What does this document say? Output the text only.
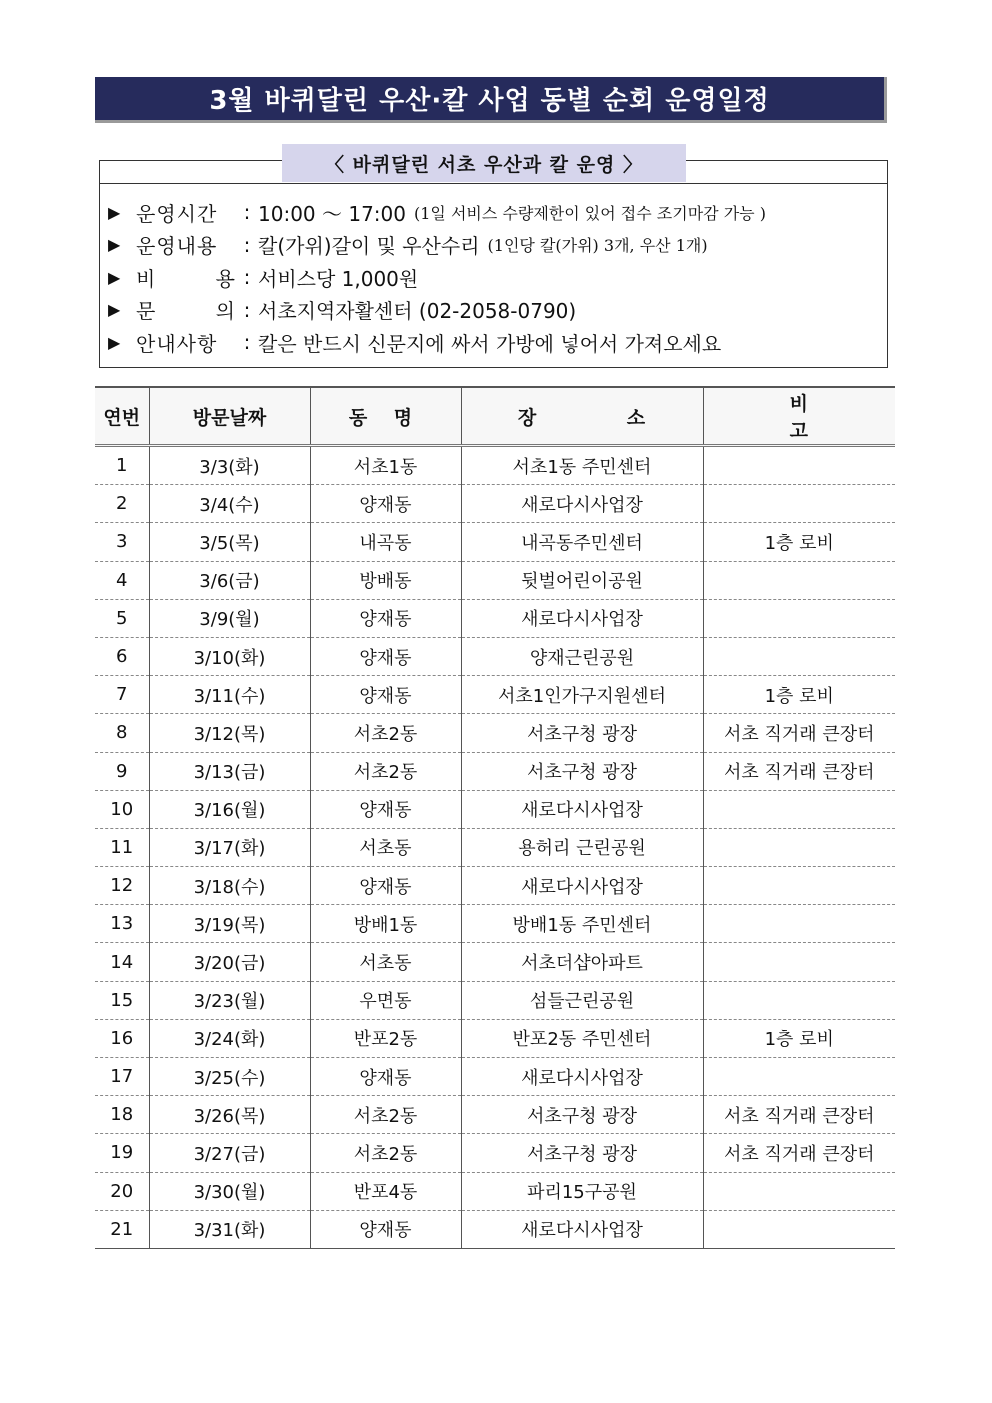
3월 바퀴달린 우산·칼 사업 동별 순회 운영일정
〈 바퀴달린 서초 우산과 칼 운영 〉
▶ 운영시간	: 10:00 ～ 17:00 (1일 서비스 수량제한이 있어 접수 조기마감 가능 )
▶ 운영내용	: 칼(가위)갈이 및 우산수리 (1인당 칼(가위) 3개, 우산 1개)
▶ 비	용 : 서비스당 1,000원
▶ 문	의 : 서초지역자활센터 (02-2058-0790)
▶ 안내사항	: 칼은 반드시 신문지에 싸서 가방에 넣어서 가져오세요
연번	방문날짜	동 명	장 소	비 고
1	3/3(화)	서초1동	서초1동 주민센터	
2	3/4(수)	양재동	새로다시사업장	
3	3/5(목)	내곡동	내곡동주민센터	1층 로비
4	3/6(금)	방배동	뒷벌어린이공원	
5	3/9(월)	양재동	새로다시사업장	
6	3/10(화)	양재동	양재근린공원	
7	3/11(수)	양재동	서초1인가구지원센터	1층 로비
8	3/12(목)	서초2동	서초구청 광장	서초 직거래 큰장터
9	3/13(금)	서초2동	서초구청 광장	서초 직거래 큰장터
10	3/16(월)	양재동	새로다시사업장	
11	3/17(화)	서초동	용허리 근린공원	
12	3/18(수)	양재동	새로다시사업장	
13	3/19(목)	방배1동	방배1동 주민센터	
14	3/20(금)	서초동	서초더샵아파트	
15	3/23(월)	우면동	섬들근린공원	
16	3/24(화)	반포2동	반포2동 주민센터	1층 로비
17	3/25(수)	양재동	새로다시사업장	
18	3/26(목)	서초2동	서초구청 광장	서초 직거래 큰장터
19	3/27(금)	서초2동	서초구청 광장	서초 직거래 큰장터
20	3/30(월)	반포4동	파리15구공원	
21	3/31(화)	양재동	새로다시사업장	
